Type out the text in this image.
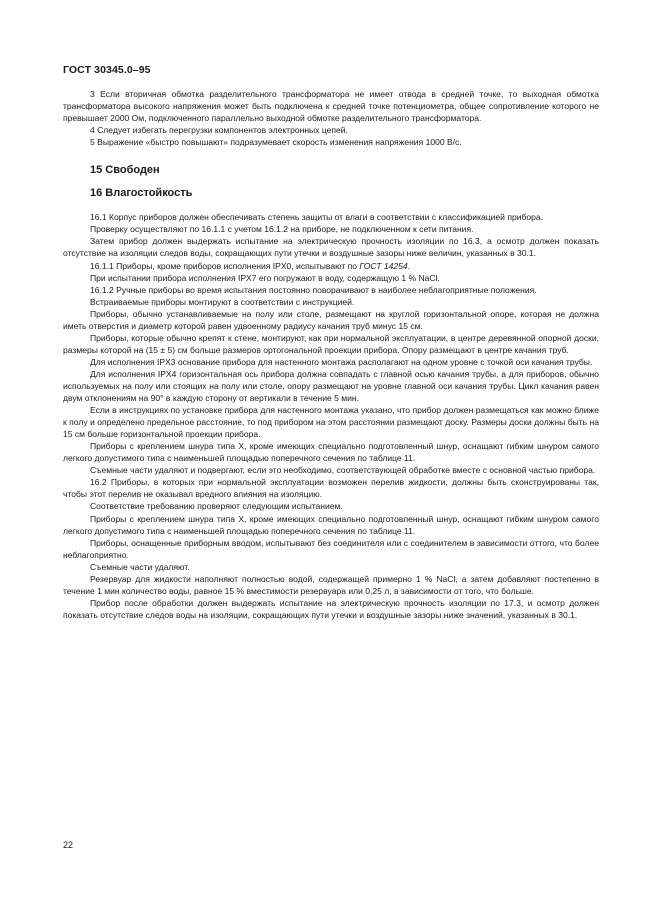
ГОСТ 30345.0–95

3 Если вторичная обмотка разделительного трансформатора не имеет отвода в средней точке, то выходная обмотка трансформатора высокого напряжения может быть подключена к средней точке потенциометра, общее сопротивление которого не превышает 2000 Ом, подключенного параллельно выходной обмотке разделительного трансформатора.

4 Следует избегать перегрузки компонентов электронных цепей.

5 Выражение «быстро повышают» подразумевает скорость изменения напряжения 1000 В/с.

15 Свободен

16 Влагостойкость

16.1 Корпус приборов должен обеспечивать степень защиты от влаги в соответствии с классификацией прибора.

Проверку осуществляют по 16.1.1 с учетом 16.1.2 на приборе, не подключенном к сети питания.

Затем прибор должен выдержать испытание на электрическую прочность изоляции по 16.3, а осмотр должен показать отсутствие на изоляции следов воды, сокращающих пути утечки и воздушные зазоры ниже величин, указанных в 30.1.

16.1.1 Приборы, кроме приборов исполнения IPX0, испытывают по ГОСТ 14254.

При испытании прибора исполнения IPX7 его погружают в воду, содержащую 1 % NaCl.

16.1.2 Ручные приборы во время испытания постоянно поворачивают в наиболее неблагоприятные положения.

Встраиваемые приборы монтируют в соответствии с инструкцией.

Приборы, обычно устанавливаемые на полу или столе, размещают на круглой горизонтальной опоре, которая не должна иметь отверстия и диаметр которой равен удвоенному радиусу качания труб минус 15 см.

Приборы, которые обычно крепят к стене, монтируют, как при нормальной эксплуатации, в центре деревянной опорной доски, размеры которой на (15 ± 5) см больше размеров ортогональной проекции прибора. Опору размещают в центре качания труб.

Для исполнения IPX3 основание прибора для настенного монтажа располагают на одном уровне с точкой оси качания трубы.

Для исполнения IPX4 горизонтальная ось прибора должна совпадать с главной осью качания трубы, а для приборов, обычно используемых на полу или стоящих на полу или столе, опору размещают на уровне главной оси качания трубы. Цикл качания равен двум отклонениям на 90° в каждую сторону от вертикали в течение 5 мин.

Если в инструкциях по установке прибора для настенного монтажа указано, что прибор должен размещаться как можно ближе к полу и определено предельное расстояние, то под прибором на этом расстоянии размещают доску. Размеры доски должны быть на 15 см больше горизонтальной проекции прибора.

Приборы с креплением шнура типа X, кроме имеющих специально подготовленный шнур, оснащают гибким шнуром самого легкого допустимого типа с наименьшей площадью поперечного сечения по таблице 11.

Съемные части удаляют и подвергают, если это необходимо, соответствующей обработке вместе с основной частью прибора.

16.2 Приборы, в которых при нормальной эксплуатации возможен перелив жидкости, должны быть сконструированы так, чтобы этот перелив не оказывал вредного влияния на изоляцию.

Соответствие требованию проверяют следующим испытанием.

Приборы с креплением шнура типа X, кроме имеющих специально подготовленный шнур, оснащают гибким шнуром самого легкого допустимого типа с наименьшей площадью поперечного сечения по таблице 11.

Приборы, оснащенные приборным вводом, испытывают без соединителя или с соединителем в зависимости оттого, что более неблагоприятно.

Съемные части удаляют.

Резервуар для жидкости наполняют полностью водой, содержащей примерно 1 % NaCl, а затем добавляют постепенно в течение 1 мин количество воды, равное 15 % вместимости резервуара или 0,25 л, в зависимости от того, что больше.

Прибор после обработки должен выдержать испытание на электрическую прочность изоляции по 17.3, и осмотр должен показать отсутствие следов воды на изоляции, сокращающих пути утечки и воздушные зазоры ниже значений, указанных в 30.1.

22
